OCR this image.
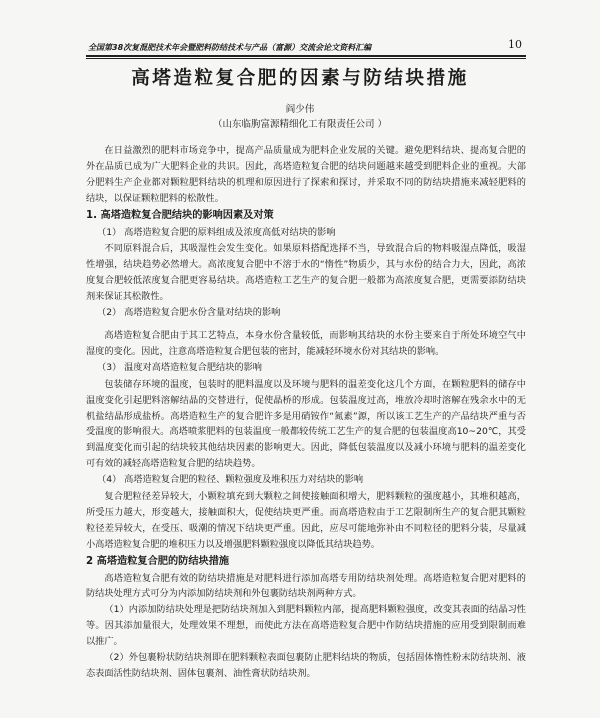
全国第38次复混肥技术年会暨肥料防结技术与产品（富源）交流会论文资料汇编	10
高塔造粒复合肥的因素与防结块措施
阎少伟
（山东临朐富源精细化工有限责任公司 ）

在日益激烈的肥料市场竞争中，提高产品质量成为肥料企业发展的关键。避免肥料结块、提高复合肥的外在品质已成为广大肥料企业的共识。因此，高塔造粒复合肥的结块问题越来越受到肥料企业的重视。大部分肥料生产企业都对颗粒肥料结块的机理和原因进行了探索和探讨，并采取不同的防结块措施来减轻肥料的结块，以保证颗粒肥料的松散性。

1. 高塔造粒复合肥结块的影响因素及对策

（1） 高塔造粒复合肥的原料组成及浓度高低对结块的影响

不同原料混合后，其吸湿性会发生变化。如果原料搭配选择不当，导致混合后的物料吸湿点降低，吸湿性增强，结块趋势必然增大。高浓度复合肥中不溶于水的“惰性”物质少，其与水份的结合力大，因此，高浓度复合肥较低浓度复合肥更容易结块。高塔造粒工艺生产的复合肥一般都为高浓度复合肥，更需要添防结块剂来保证其松散性。

（2） 高塔造粒复合肥水份含量对结块的影响

高塔造粒复合肥由于其工艺特点，本身水份含量较低，而影响其结块的水份主要来自于所处环境空气中湿度的变化。因此，注意高塔造粒复合肥包装的密封，能减轻环境水份对其结块的影响。

（3） 温度对高塔造粒复合肥结块的影响

包装储存环境的温度，包装时的肥料温度以及环境与肥料的温差变化这几个方面，在颗粒肥料的储存中温度变化引起肥料溶解结晶的交替进行，促使晶桥的形成。包装温度过高，堆放冷却时溶解在残余水中的无机盐结晶形成盐桥。高塔造粒生产的复合肥许多是用硝铵作“氮素”源，所以该工艺生产的产品结块严重与否受温度的影响很大。高塔喷浆肥料的包装温度一般都较传统工艺生产的复合肥的包装温度高10~20℃，其受到温度变化而引起的结块较其他结块因素的影响更大。因此，降低包装温度以及减小环境与肥料的温差变化可有效的减轻高塔造粒复合肥的结块趋势。

（4） 高塔造粒复合肥的粒径、颗粒强度及堆积压力对结块的影响

复合肥粒径差异较大，小颗粒填充到大颗粒之间使接触面积增大，肥料颗粒的强度越小，其堆积越高，所受压力越大，形变越大，接触面积大，促使结块更严重。而高塔造粒由于工艺限制所生产的复合肥其颗粒粒径差异较大，在受压、吸潮的情况下结块更严重。因此，应尽可能地弥补由不同粒径的肥料分装，尽量减小高塔造粒复合肥的堆积压力以及增强肥料颗粒强度以降低其结块趋势。

2 高塔造粒复合肥的防结块措施

高塔造粒复合肥有效的防结块措施是对肥料进行添加高塔专用防结块剂处理。高塔造粒复合肥对肥料的防结块处理方式可分为内添加防结块剂和外包裹防结块剂两种方式。

（1）内添加防结块处理是把防结块剂加入到肥料颗粒内部，提高肥料颗粒强度，改变其表面的结晶习性等。因其添加量很大，处理效果不理想，而使此方法在高塔造粒复合肥中作防结块措施的应用受到限制而难以推广。

（2）外包裹粉状防结块剂即在肥料颗粒表面包裹防止肥料结块的物质，包括固体惰性粉末防结块剂、液态表面活性防结块剂、固体包裹剂、油性膏状防结块剂。
